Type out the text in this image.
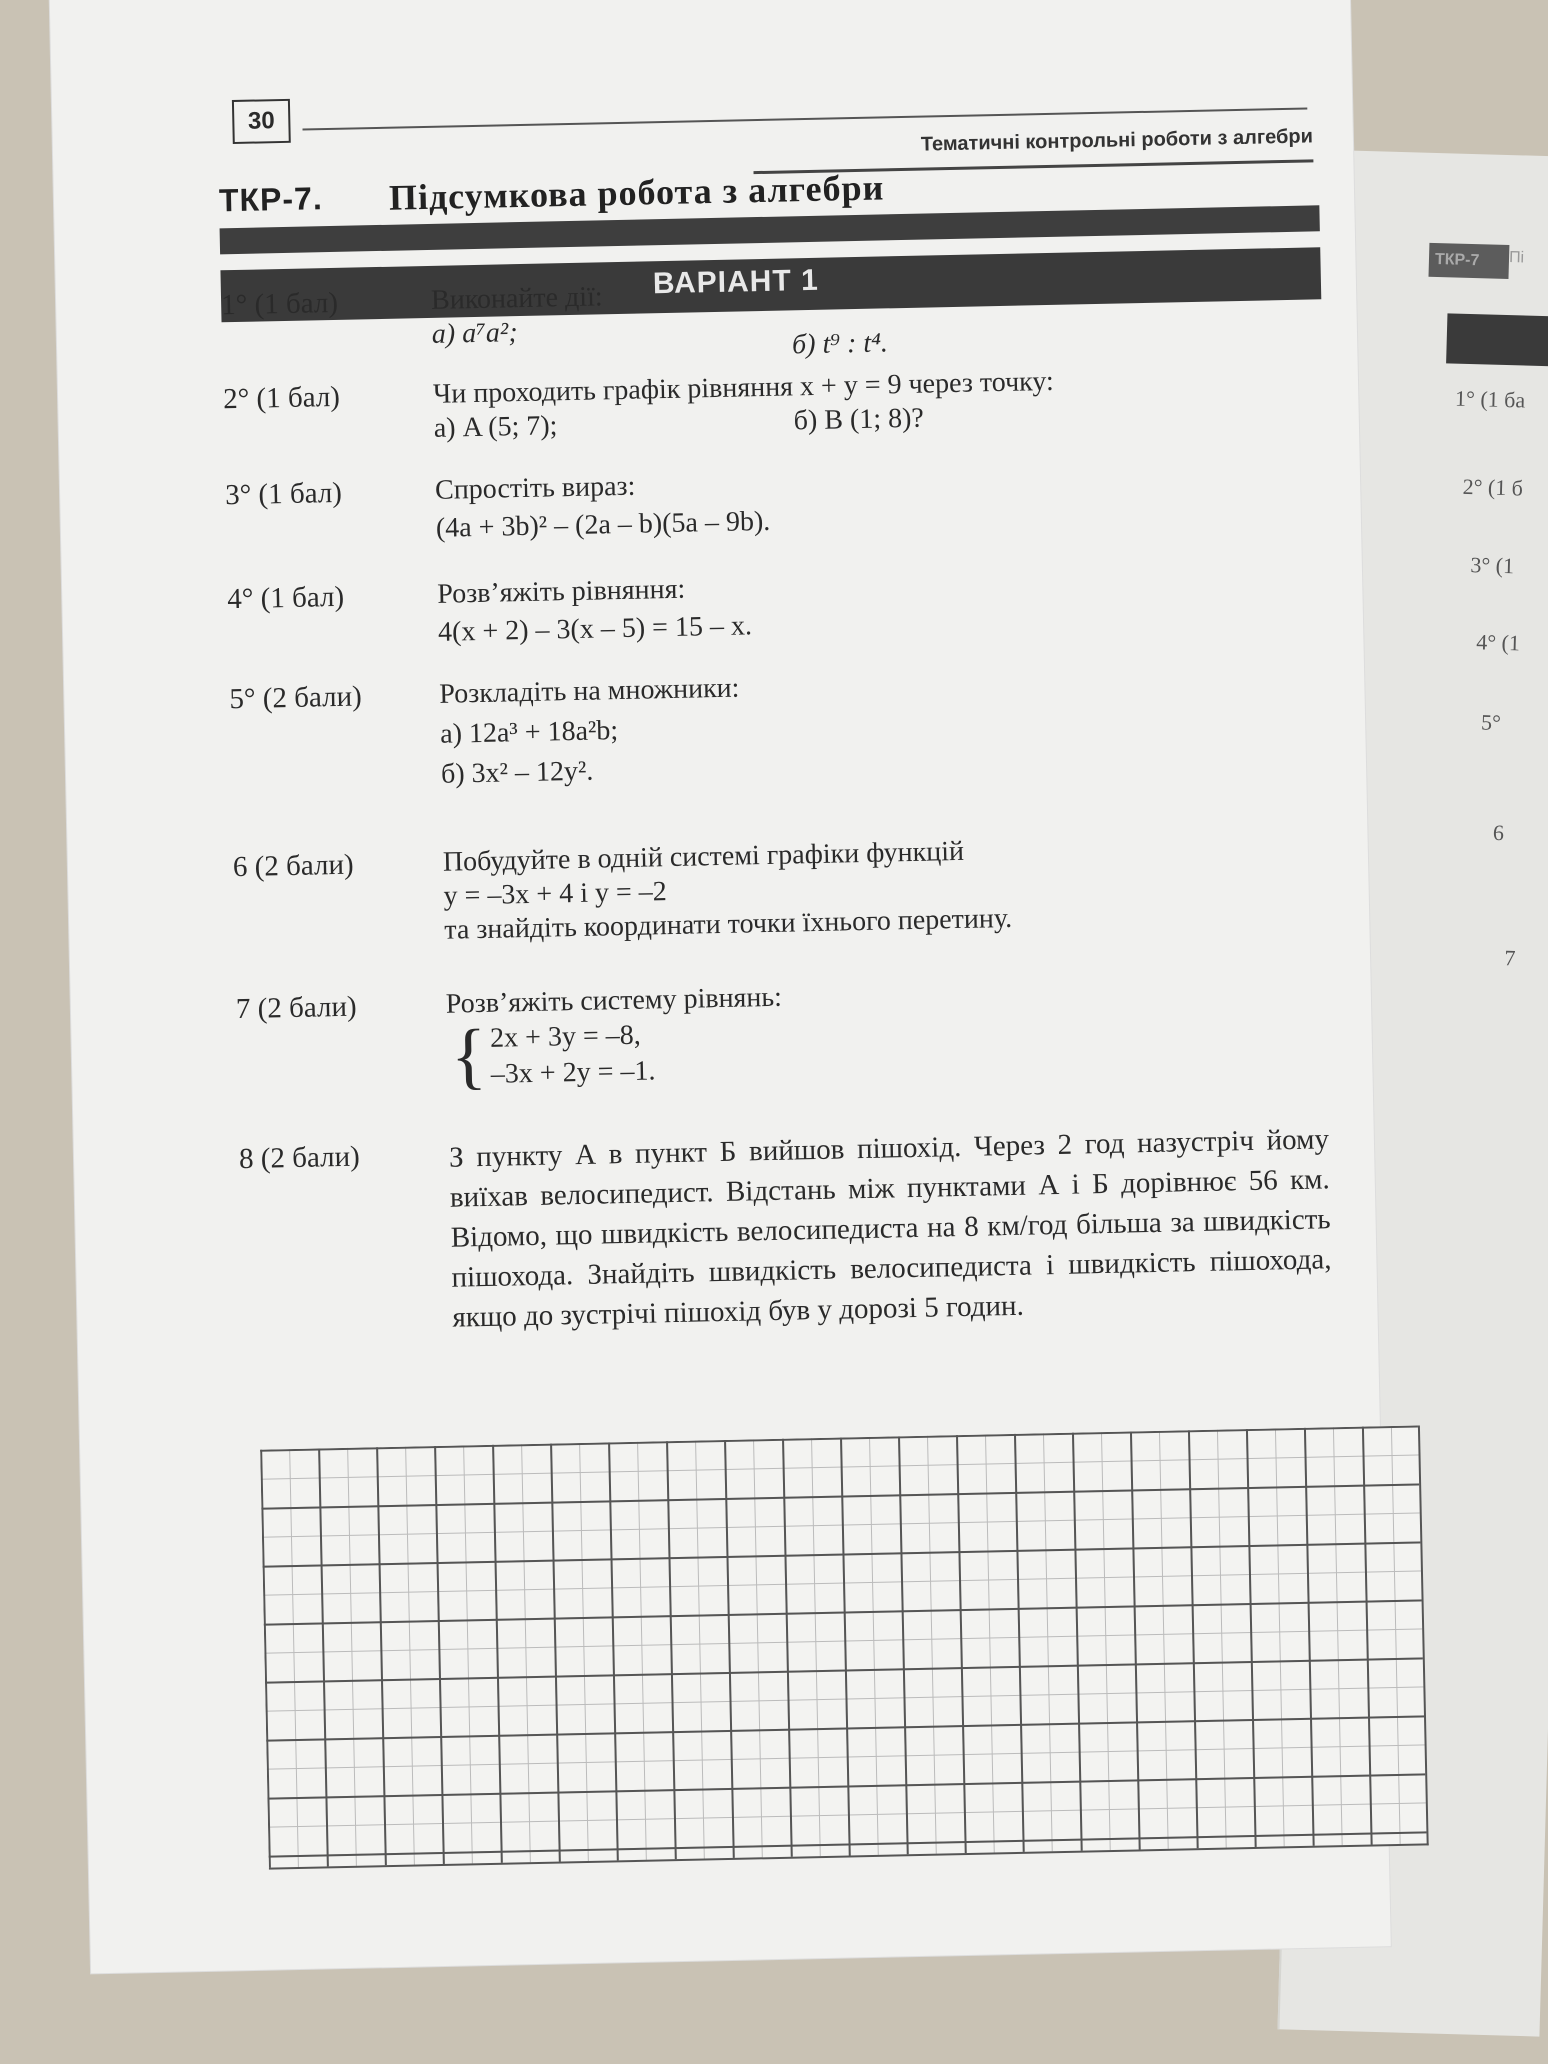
ТКР-7	Пі
1° (1 ба
2° (1 б
3° (1
4° (1
5°
6
7
30
Тематичні контрольні роботи з алгебри
ТКР-7. Підсумкова робота з алгебри
ВАРІАНТ 1
1° (1 бал)	Виконайте дії:
а) a⁷a²;	б) t⁹ : t⁴.
2° (1 бал)	Чи проходить графік рівняння x + y = 9 через точку:
а) A (5; 7);	б) B (1; 8)?
3° (1 бал)	Спростіть вираз:
(4a + 3b)² – (2a – b)(5a – 9b).
4° (1 бал)	Розв’яжіть рівняння:
4(x + 2) – 3(x – 5) = 15 – x.
5° (2 бали)	Розкладіть на множники:
а) 12a³ + 18a²b;
б) 3x² – 12y².
6 (2 бали)	Побудуйте в одній системі графіки функцій
y = –3x + 4 і y = –2
та знайдіть координати точки їхнього перетину.
7 (2 бали)	Розв’яжіть систему рівнянь:
{ 2x + 3y = –8,
–3x + 2y = –1.
8 (2 бали)	З пункту А в пункт Б вийшов пішохід. Через 2 год назустріч йому виїхав велосипедист. Відстань між пунктами А і Б дорівнює 56 км. Відомо, що швидкість велосипедиста на 8 км/год більша за швидкість пішохода. Знайдіть швидкість велосипедиста і швидкість пішохода, якщо до зустрічі пішохід був у дорозі 5 годин.
